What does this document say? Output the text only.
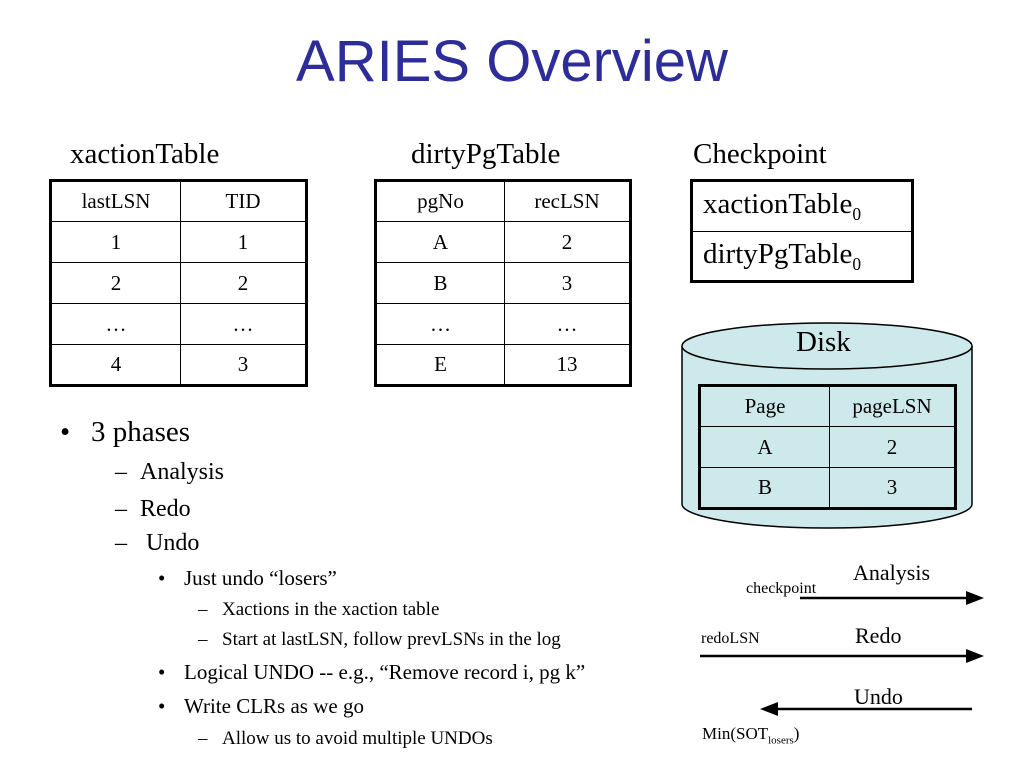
ARIES Overview
xactionTable
lastLSN	TID
1	1
2	2
…	…
4	3
dirtyPgTable
pgNo	recLSN
A	2
B	3
…	…
E	13
Checkpoint
xactionTable$_0$
dirtyPgTable$_0$
Disk
Page	pageLSN
A	2
B	3
• 3 phases
– Analysis
– Redo
– Undo
• Just undo “losers”
– Xactions in the xaction table
– Start at lastLSN, follow prevLSNs in the log
• Logical UNDO -- e.g., “Remove record i, pg k”
• Write CLRs as we go
– Allow us to avoid multiple UNDOs
Analysis
checkpoint
Redo
redoLSN
Undo
$Min(SOT_{losers})$
